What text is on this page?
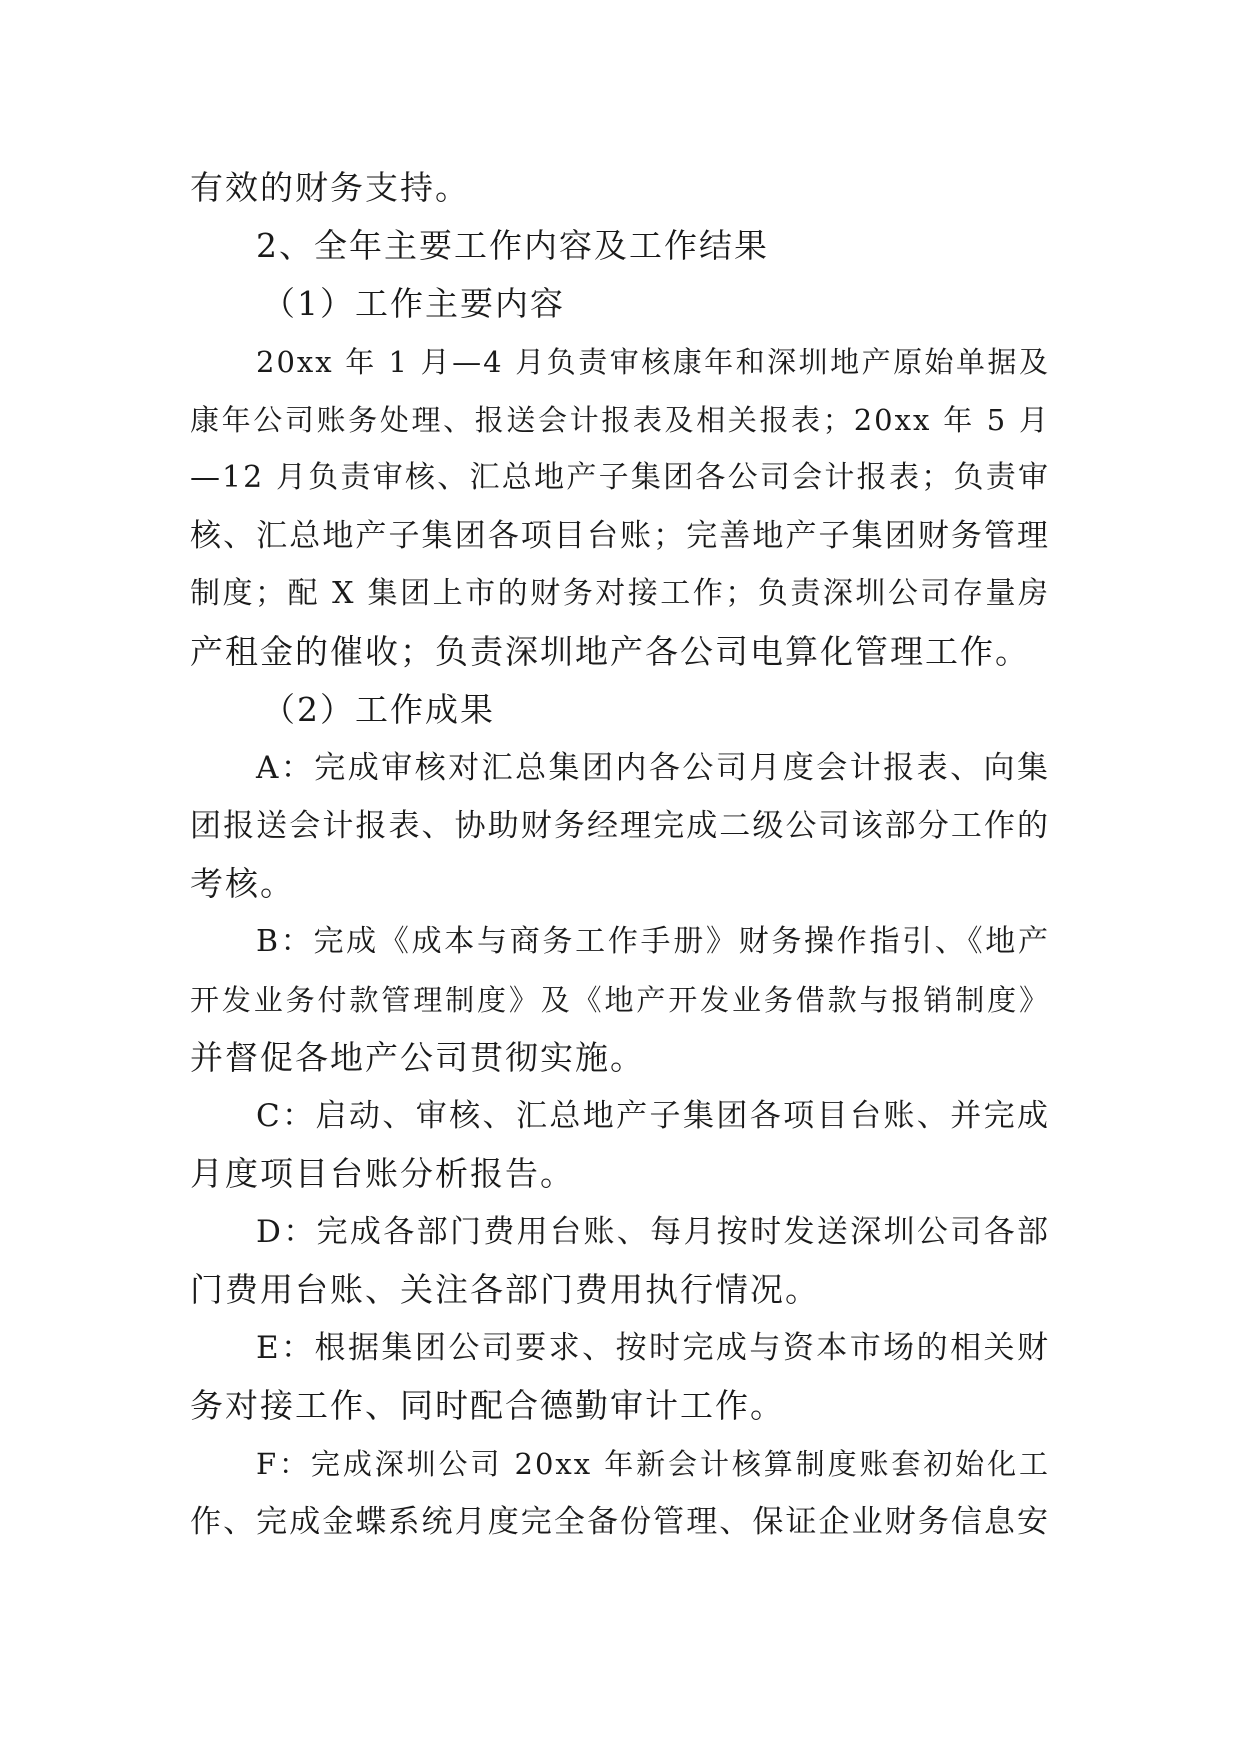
有效的财务支持。
2、全年主要工作内容及工作结果
（1）工作主要内容
20xx 年 1 月—4 月负责审核康年和深圳地产原始单据及
康年公司账务处理、报送会计报表及相关报表；20xx 年 5 月
—12 月负责审核、汇总地产子集团各公司会计报表；负责审
核、汇总地产子集团各项目台账；完善地产子集团财务管理
制度；配 X 集团上市的财务对接工作；负责深圳公司存量房
产租金的催收；负责深圳地产各公司电算化管理工作。
（2）工作成果
A：完成审核对汇总集团内各公司月度会计报表、向集
团报送会计报表、协助财务经理完成二级公司该部分工作的
考核。
B：完成《成本与商务工作手册》财务操作指引、《地产
开发业务付款管理制度》及《地产开发业务借款与报销制度》
并督促各地产公司贯彻实施。
C：启动、审核、汇总地产子集团各项目台账、并完成
月度项目台账分析报告。
D：完成各部门费用台账、每月按时发送深圳公司各部
门费用台账、关注各部门费用执行情况。
E：根据集团公司要求、按时完成与资本市场的相关财
务对接工作、同时配合德勤审计工作。
F：完成深圳公司 20xx 年新会计核算制度账套初始化工
作、完成金蝶系统月度完全备份管理、保证企业财务信息安
